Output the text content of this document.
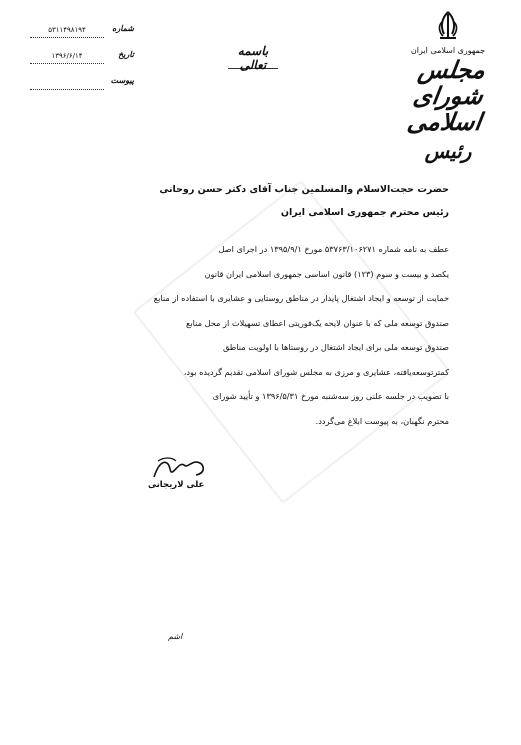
جمهوری اسلامی ایران
مجلس شورای اسلامی
رئیس
باسمه تعالی
شماره
۵۳۱۱۴۹۸۱۹۴
تاریخ
۱۳۹۶/۶/۱۴
پیوست
حضرت حجت‌الاسلام والمسلمین جناب آقای دکتر حسن روحانی
رئیس محترم جمهوری اسلامی ایران

عطف به نامه شماره ۵۳۷۶۳/۱۰۶۲۷۱ مورخ ۱۳۹۵/۹/۱ در اجرای اصل

یکصد و بیست و سوم (۱۲۳) قانون اساسی جمهوری اسلامی ایران قانون

حمایت از توسعه و ایجاد اشتغال پایدار در مناطق روستایی و عشایری با استفاده از منابع

صندوق توسعه ملی که با عنوان لایحه یک‌فوریتی اعطای تسهیلات از محل منابع

صندوق توسعه ملی برای ایجاد اشتغال در روستاها با اولویت مناطق

کمترتوسعه‌یافته، عشایری و مرزی به مجلس شورای اسلامی تقدیم گردیده بود،

با تصویب در جلسه علنی روز سه‌شنبه مورخ ۱۳۹۶/۵/۳۱ و تأیید شورای

محترم نگهبان، به پیوست ابلاغ می‌گردد.

علی لاریجانی
اشم
